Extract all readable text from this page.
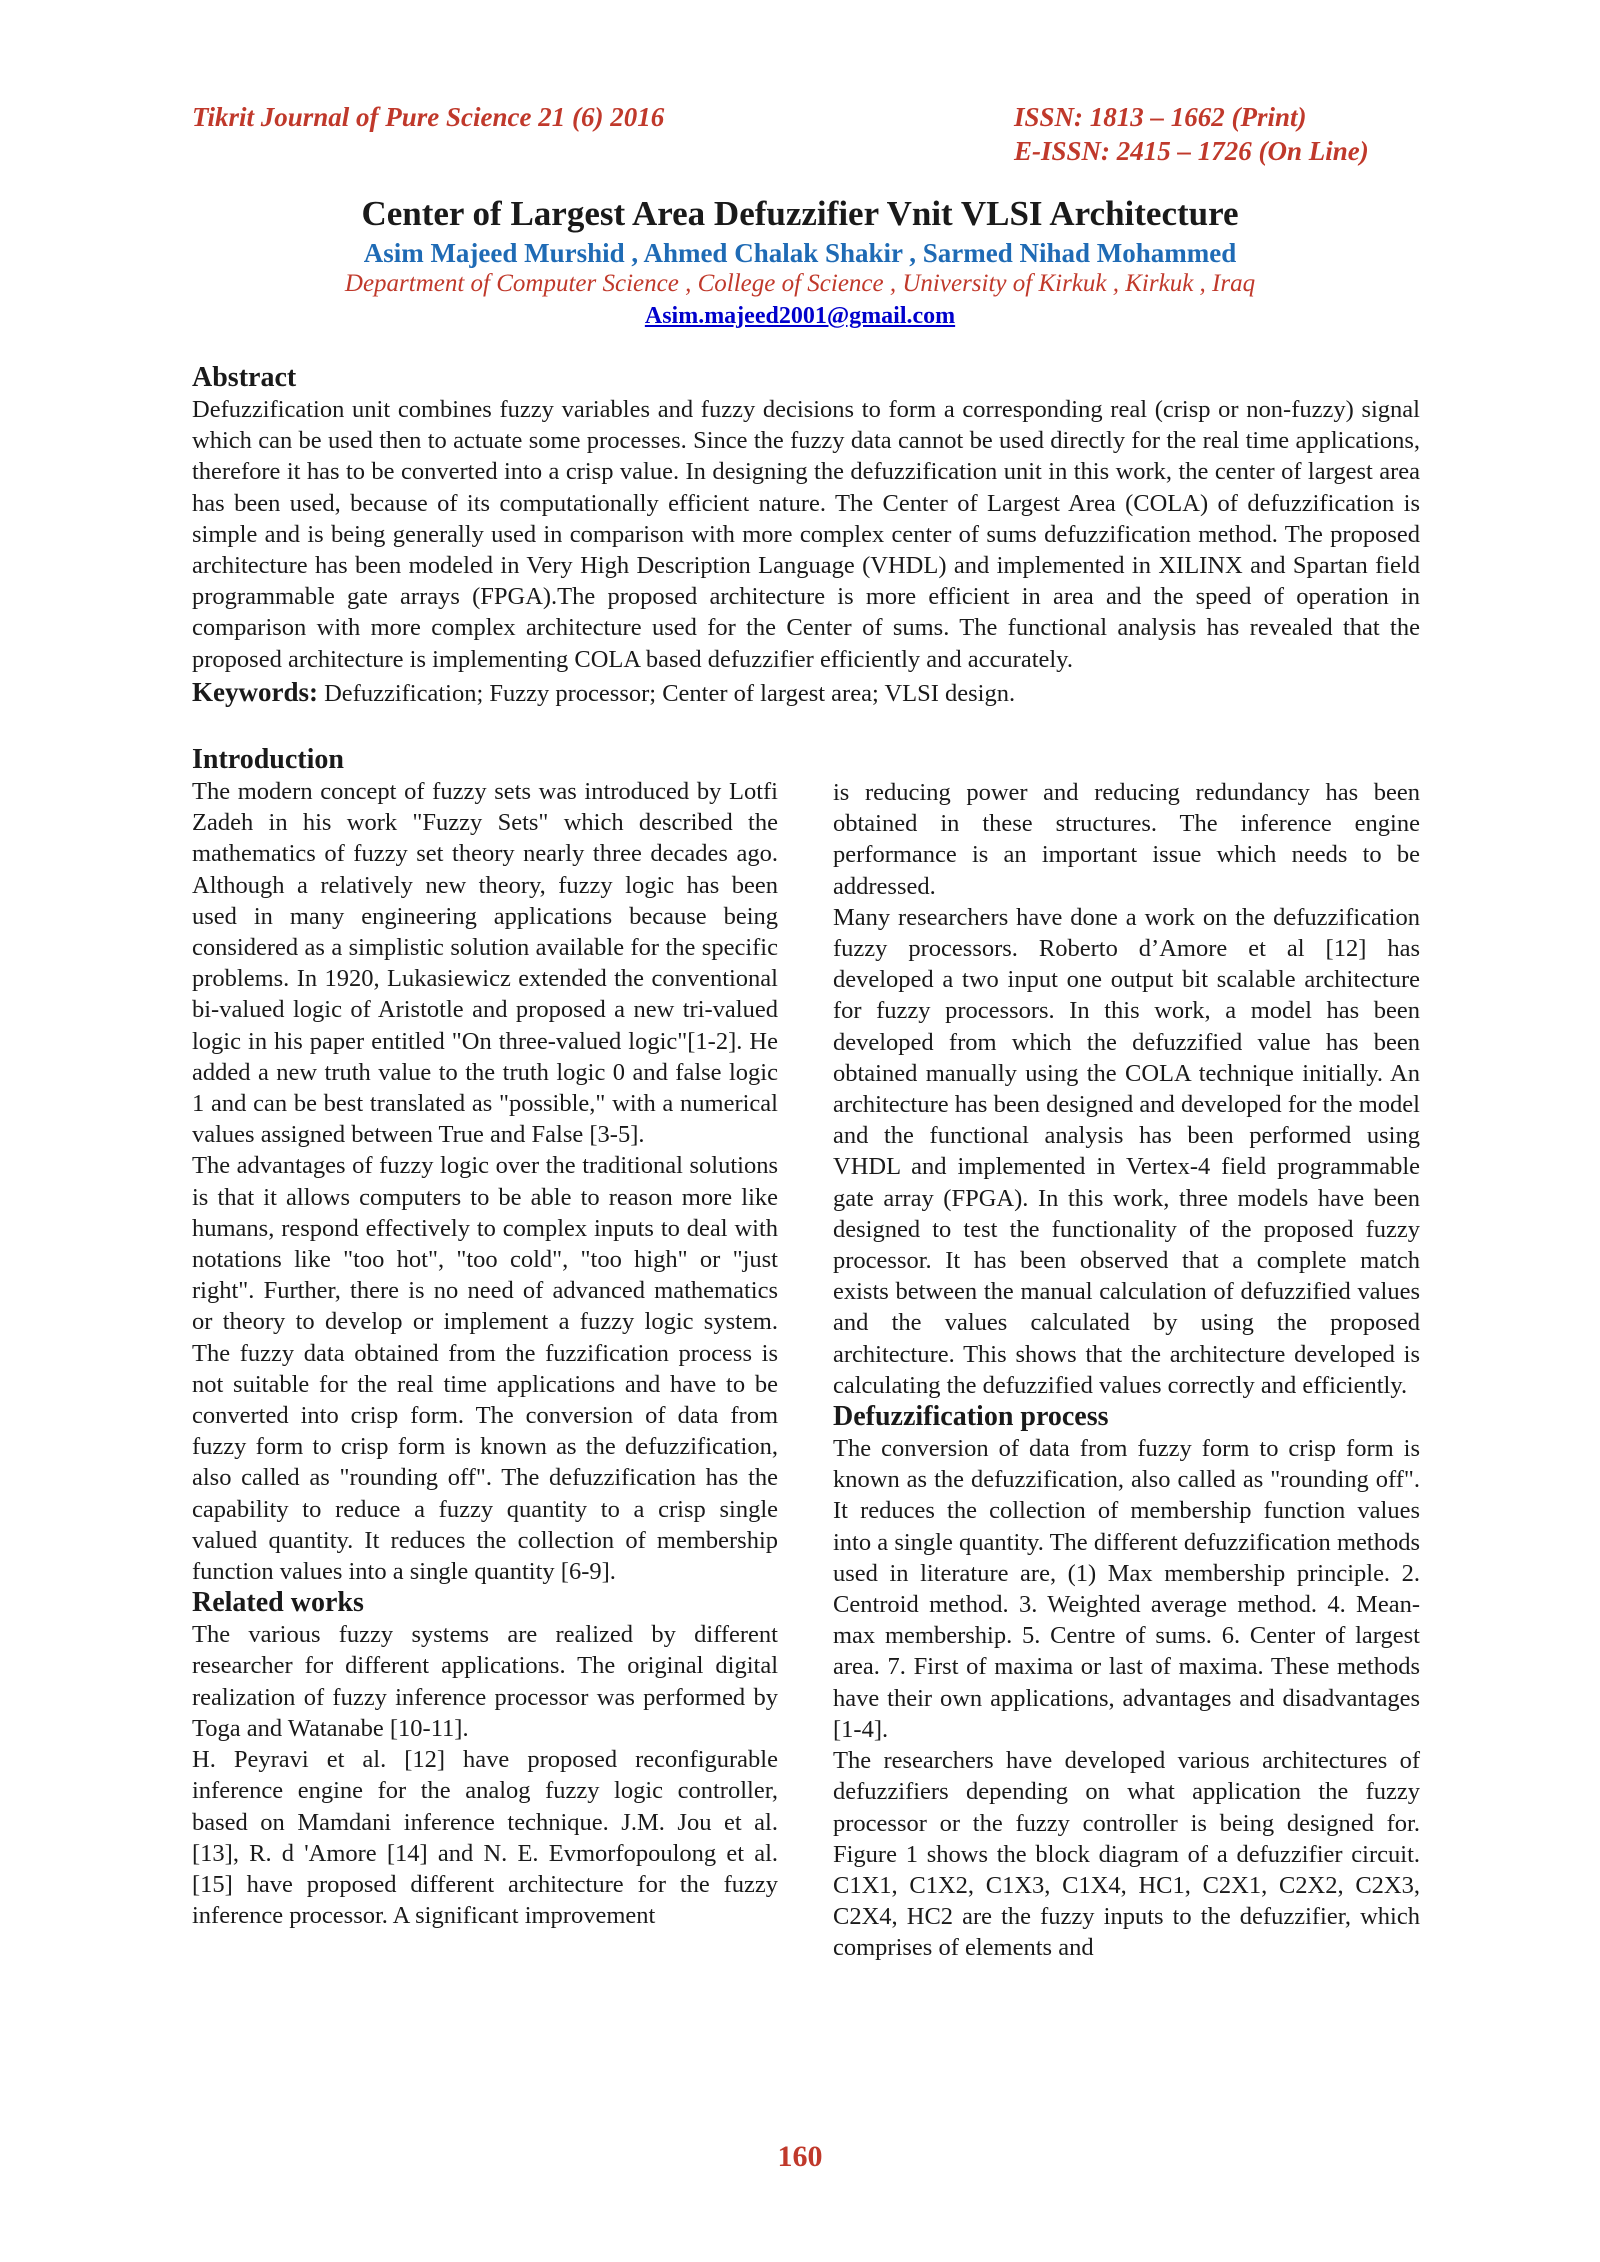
Tikrit Journal of Pure Science 21 (6) 2016	ISSN: 1813 – 1662 (Print)
E-ISSN: 2415 – 1726 (On Line)
Center of Largest Area Defuzzifier Vnit VLSI Architecture
Asim Majeed Murshid , Ahmed Chalak Shakir , Sarmed Nihad Mohammed
Department of Computer Science , College of Science , University of Kirkuk , Kirkuk , Iraq
Asim.majeed2001@gmail.com

Abstract

Defuzzification unit combines fuzzy variables and fuzzy decisions to form a corresponding real (crisp or non-fuzzy) signal which can be used then to actuate some processes. Since the fuzzy data cannot be used directly for the real time applications, therefore it has to be converted into a crisp value. In designing the defuzzification unit in this work, the center of largest area has been used, because of its computationally efficient nature. The Center of Largest Area (COLA) of defuzzification is simple and is being generally used in comparison with more complex center of sums defuzzification method. The proposed architecture has been modeled in Very High Description Language (VHDL) and implemented in XILINX and Spartan field programmable gate arrays (FPGA).The proposed architecture is more efficient in area and the speed of operation in comparison with more complex architecture used for the Center of sums. The functional analysis has revealed that the proposed architecture is implementing COLA based defuzzifier efficiently and accurately.

Keywords: Defuzzification; Fuzzy processor; Center of largest area; VLSI design.

Introduction

The modern concept of fuzzy sets was introduced by Lotfi Zadeh in his work "Fuzzy Sets" which described the mathematics of fuzzy set theory nearly three decades ago. Although a relatively new theory, fuzzy logic has been used in many engineering applications because being considered as a simplistic solution available for the specific problems. In 1920, Lukasiewicz extended the conventional bi-valued logic of Aristotle and proposed a new tri-valued logic in his paper entitled "On three-valued logic"[1-2]. He added a new truth value to the truth logic 0 and false logic 1 and can be best translated as "possible," with a numerical values assigned between True and False [3-5].

The advantages of fuzzy logic over the traditional solutions is that it allows computers to be able to reason more like humans, respond effectively to complex inputs to deal with notations like "too hot", "too cold", "too high" or "just right". Further, there is no need of advanced mathematics or theory to develop or implement a fuzzy logic system. The fuzzy data obtained from the fuzzification process is not suitable for the real time applications and have to be converted into crisp form. The conversion of data from fuzzy form to crisp form is known as the defuzzification, also called as "rounding off". The defuzzification has the capability to reduce a fuzzy quantity to a crisp single valued quantity. It reduces the collection of membership function values into a single quantity [6-9].

Related works

The various fuzzy systems are realized by different researcher for different applications. The original digital realization of fuzzy inference processor was performed by Toga and Watanabe [10-11].

H. Peyravi et al. [12] have proposed reconfigurable inference engine for the analog fuzzy logic controller, based on Mamdani inference technique. J.M. Jou et al. [13], R. d 'Amore [14] and N. E. Evmorfopoulong et al. [15] have proposed different architecture for the fuzzy inference processor. A significant improvement

is reducing power and reducing redundancy has been obtained in these structures. The inference engine performance is an important issue which needs to be addressed.

Many researchers have done a work on the defuzzification fuzzy processors. Roberto d’Amore et al [12] has developed a two input one output bit scalable architecture for fuzzy processors. In this work, a model has been developed from which the defuzzified value has been obtained manually using the COLA technique initially. An architecture has been designed and developed for the model and the functional analysis has been performed using VHDL and implemented in Vertex-4 field programmable gate array (FPGA). In this work, three models have been designed to test the functionality of the proposed fuzzy processor. It has been observed that a complete match exists between the manual calculation of defuzzified values and the values calculated by using the proposed architecture. This shows that the architecture developed is calculating the defuzzified values correctly and efficiently.

Defuzzification process

The conversion of data from fuzzy form to crisp form is known as the defuzzification, also called as "rounding off". It reduces the collection of membership function values into a single quantity. The different defuzzification methods used in literature are, (1) Max membership principle. 2. Centroid method. 3. Weighted average method. 4. Mean-max membership. 5. Centre of sums. 6. Center of largest area. 7. First of maxima or last of maxima. These methods have their own applications, advantages and disadvantages [1-4].

The researchers have developed various architectures of defuzzifiers depending on what application the fuzzy processor or the fuzzy controller is being designed for. Figure 1 shows the block diagram of a defuzzifier circuit. C1X1, C1X2, C1X3, C1X4, HC1, C2X1, C2X2, C2X3, C2X4, HC2 are the fuzzy inputs to the defuzzifier, which comprises of elements and

160
